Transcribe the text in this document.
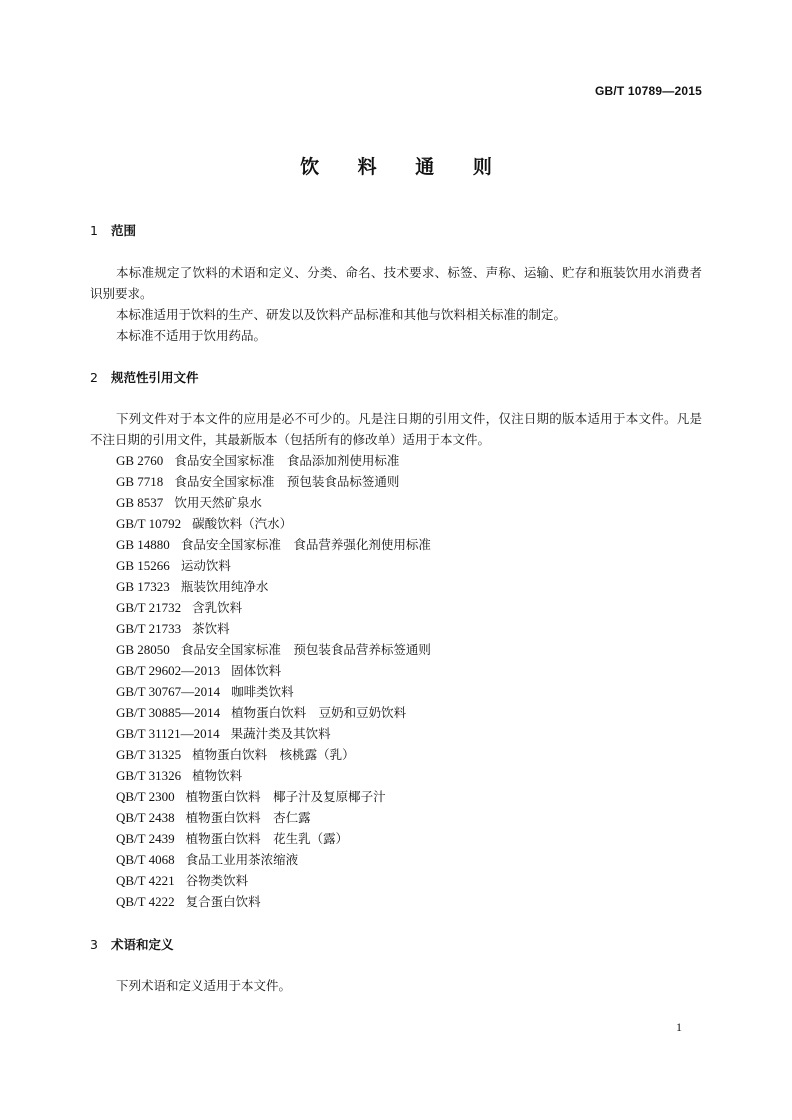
GB/T 10789—2015
饮 料 通 则
1 范围

本标准规定了饮料的术语和定义、分类、命名、技术要求、标签、声称、运输、贮存和瓶装饮用水消费者识别要求。

本标准适用于饮料的生产、研发以及饮料产品标准和其他与饮料相关标准的制定。

本标准不适用于饮用药品。

2 规范性引用文件

下列文件对于本文件的应用是必不可少的。凡是注日期的引用文件，仅注日期的版本适用于本文件。凡是不注日期的引用文件，其最新版本（包括所有的修改单）适用于本文件。

GB 2760 食品安全国家标准　食品添加剂使用标准
GB 7718 食品安全国家标准　预包装食品标签通则
GB 8537 饮用天然矿泉水
GB/T 10792 碳酸饮料（汽水）
GB 14880 食品安全国家标准　食品营养强化剂使用标准
GB 15266 运动饮料
GB 17323 瓶装饮用纯净水
GB/T 21732 含乳饮料
GB/T 21733 茶饮料
GB 28050 食品安全国家标准　预包装食品营养标签通则
GB/T 29602—2013 固体饮料
GB/T 30767—2014 咖啡类饮料
GB/T 30885—2014 植物蛋白饮料　豆奶和豆奶饮料
GB/T 31121—2014 果蔬汁类及其饮料
GB/T 31325 植物蛋白饮料　核桃露（乳）
GB/T 31326 植物饮料
QB/T 2300 植物蛋白饮料　椰子汁及复原椰子汁
QB/T 2438 植物蛋白饮料　杏仁露
QB/T 2439 植物蛋白饮料　花生乳（露）
QB/T 4068 食品工业用茶浓缩液
QB/T 4221 谷物类饮料
QB/T 4222 复合蛋白饮料
3 术语和定义

下列术语和定义适用于本文件。

1
